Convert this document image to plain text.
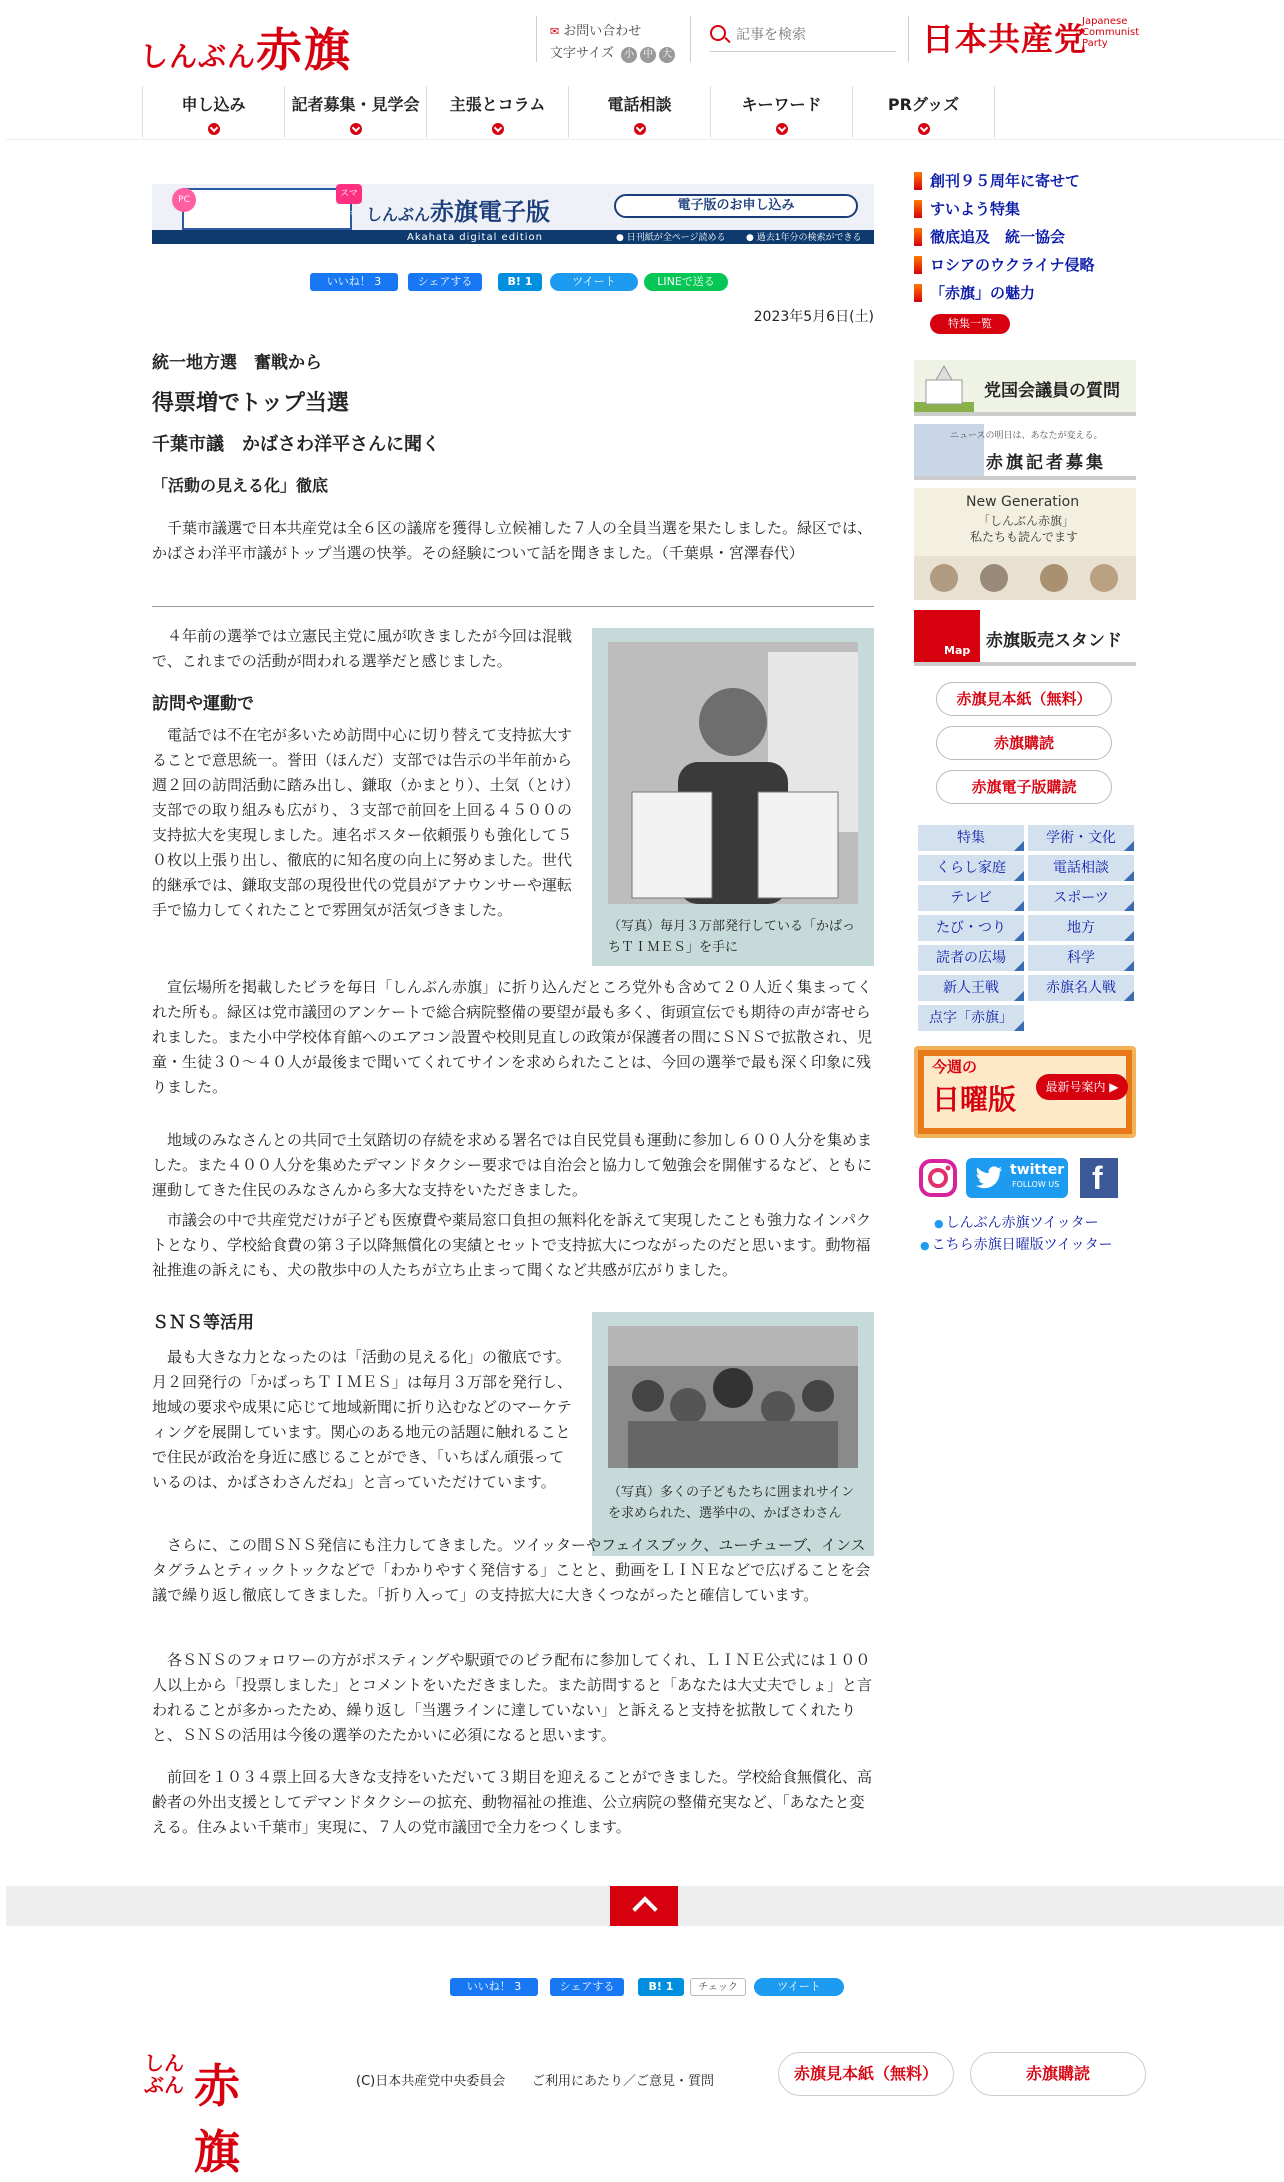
しんぶん赤旗	✉ お問い合わせ
文字サイズ 小 中 大
記事を検索	日本共産党
Japanese Communist Party
申し込み	記者募集・見学会	主張とコラム	電話相談	キーワード	PRグッズ
PC
スマホ しんぶん赤旗電子版
Akahata digital edition
電子版のお申し込み
● 日刊紙が全ページ読める ● 過去1年分の検索ができる
いいね！ 3	シェアする	B! 1	ツイート	LINEで送る
2023年5月6日(土)
統一地方選　奮戦から
得票増でトップ当選
千葉市議　かばさわ洋平さんに聞く
「活動の見える化」徹底

千葉市議選で日本共産党は全６区の議席を獲得し立候補した７人の全員当選を果たしました。緑区では、かばさわ洋平市議がトップ当選の快挙。その経験について話を聞きました。（千葉県・宮澤春代）

（写真）毎月３万部発行している「かばっちＴＩＭＥＳ」を手に

４年前の選挙では立憲民主党に風が吹きましたが今回は混戦で、これまでの活動が問われる選挙だと感じました。

訪問や運動で

電話では不在宅が多いため訪問中心に切り替えて支持拡大することで意思統一。誉田（ほんだ）支部では告示の半年前から週２回の訪問活動に踏み出し、鎌取（かまとり）、土気（とけ）支部での取り組みも広がり、３支部で前回を上回る４５００の支持拡大を実現しました。連名ポスター依頼張りも強化して５０枚以上張り出し、徹底的に知名度の向上に努めました。世代的継承では、鎌取支部の現役世代の党員がアナウンサーや運転手で協力してくれたことで雰囲気が活気づきました。

宣伝場所を掲載したビラを毎日「しんぶん赤旗」に折り込んだところ党外も含めて２０人近く集まってくれた所も。緑区は党市議団のアンケートで総合病院整備の要望が最も多く、街頭宣伝でも期待の声が寄せられました。また小中学校体育館へのエアコン設置や校則見直しの政策が保護者の間にＳＮＳで拡散され、児童・生徒３０～４０人が最後まで聞いてくれてサインを求められたことは、今回の選挙で最も深く印象に残りました。

地域のみなさんとの共同で土気踏切の存続を求める署名では自民党員も運動に参加し６００人分を集めました。また４００人分を集めたデマンドタクシー要求では自治会と協力して勉強会を開催するなど、ともに運動してきた住民のみなさんから多大な支持をいただきました。

市議会の中で共産党だけが子ども医療費や薬局窓口負担の無料化を訴えて実現したことも強力なインパクトとなり、学校給食費の第３子以降無償化の実績とセットで支持拡大につながったのだと思います。動物福祉推進の訴えにも、犬の散歩中の人たちが立ち止まって聞くなど共感が広がりました。

ＳＮＳ等活用
（写真）多くの子どもたちに囲まれサインを求められた、選挙中の、かばさわさん

最も大きな力となったのは「活動の見える化」の徹底です。月２回発行の「かばっちＴＩＭＥＳ」は毎月３万部を発行し、地域の要求や成果に応じて地域新聞に折り込むなどのマーケティングを展開しています。関心のある地元の話題に触れることで住民が政治を身近に感じることができ、「いちばん頑張っているのは、かばさわさんだね」と言っていただけています。

さらに、この間ＳＮＳ発信にも注力してきました。ツイッターやフェイスブック、ユーチューブ、インスタグラムとティックトックなどで「わかりやすく発信する」ことと、動画をＬＩＮＥなどで広げることを会議で繰り返し徹底してきました。「折り入って」の支持拡大に大きくつながったと確信しています。

各ＳＮＳのフォロワーの方がポスティングや駅頭でのビラ配布に参加してくれ、ＬＩＮＥ公式には１００人以上から「投票しました」とコメントをいただきました。また訪問すると「あなたは大丈夫でしょ」と言われることが多かったため、繰り返し「当選ラインに達していない」と訴えると支持を拡散してくれたりと、ＳＮＳの活用は今後の選挙のたたかいに必須になると思います。

前回を１０３４票上回る大きな支持をいただいて３期目を迎えることができました。学校給食無償化、高齢者の外出支援としてデマンドタクシーの拡充、動物福祉の推進、公立病院の整備充実など、「あなたと変える。住みよい千葉市」実現に、７人の党市議団で全力をつくします。

創刊９５周年に寄せて
すいよう特集
徹底追及　統一協会
ロシアのウクライナ侵略
「赤旗」の魅力
特集一覧
党国会議員の質問
ニュースの明日は、あなたが変える。
赤旗記者募集
New Generation
「しんぶん赤旗」
私たちも読んでます
Map 赤旗販売スタンド
赤旗見本紙（無料）
赤旗購読
赤旗電子版購読
特集	学術・文化
くらし家庭	電話相談
テレビ	スポーツ
たび・つり	地方
読者の広場	科学
新人王戦	赤旗名人戦
点字「赤旗」
今週の
日曜版	最新号案内 ▶
twitter
FOLLOW US f
● しんぶん赤旗ツイッター
● こちら赤旗日曜版ツイッター
いいね！ 3	シェアする	B! 1	チェック	ツイート
しんぶん 赤旗
(C)日本共産党中央委員会 ご利用にあたり／ご意見・質問	赤旗見本紙（無料）	赤旗購読
